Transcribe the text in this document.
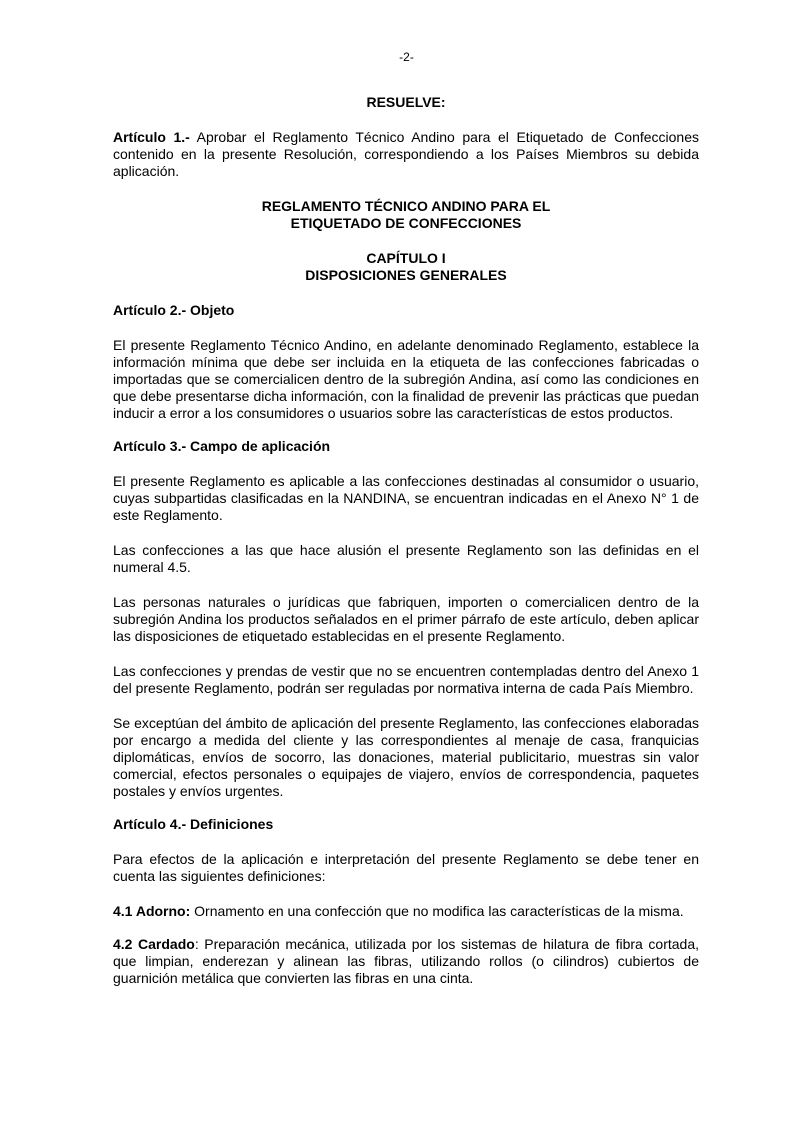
-2-

RESUELVE:

Artículo 1.- Aprobar el Reglamento Técnico Andino para el Etiquetado de Confecciones contenido en la presente Resolución, correspondiendo a los Países Miembros su debida aplicación.

REGLAMENTO TÉCNICO ANDINO PARA EL
ETIQUETADO DE CONFECCIONES

CAPÍTULO I
DISPOSICIONES GENERALES

Artículo 2.- Objeto

El presente Reglamento Técnico Andino, en adelante denominado Reglamento, establece la información mínima que debe ser incluida en la etiqueta de las confecciones fabricadas o importadas que se comercialicen dentro de la subregión Andina, así como las condiciones en que debe presentarse dicha información, con la finalidad de prevenir las prácticas que puedan inducir a error a los consumidores o usuarios sobre las características de estos productos.

Artículo 3.- Campo de aplicación

El presente Reglamento es aplicable a las confecciones destinadas al consumidor o usuario, cuyas subpartidas clasificadas en la NANDINA, se encuentran indicadas en el Anexo N° 1 de este Reglamento.

Las confecciones a las que hace alusión el presente Reglamento son las definidas en el numeral 4.5.

Las personas naturales o jurídicas que fabriquen, importen o comercialicen dentro de la subregión Andina los productos señalados en el primer párrafo de este artículo, deben aplicar las disposiciones de etiquetado establecidas en el presente Reglamento.

Las confecciones y prendas de vestir que no se encuentren contempladas dentro del Anexo 1 del presente Reglamento, podrán ser reguladas por normativa interna de cada País Miembro.

Se exceptúan del ámbito de aplicación del presente Reglamento, las confecciones elaboradas por encargo a medida del cliente y las correspondientes al menaje de casa, franquicias diplomáticas, envíos de socorro, las donaciones, material publicitario, muestras sin valor comercial, efectos personales o equipajes de viajero, envíos de correspondencia, paquetes postales y envíos urgentes.

Artículo 4.- Definiciones

Para efectos de la aplicación e interpretación del presente Reglamento se debe tener en cuenta las siguientes definiciones:

4.1 Adorno: Ornamento en una confección que no modifica las características de la misma.

4.2 Cardado: Preparación mecánica, utilizada por los sistemas de hilatura de fibra cortada, que limpian, enderezan y alinean las fibras, utilizando rollos (o cilindros) cubiertos de guarnición metálica que convierten las fibras en una cinta.
